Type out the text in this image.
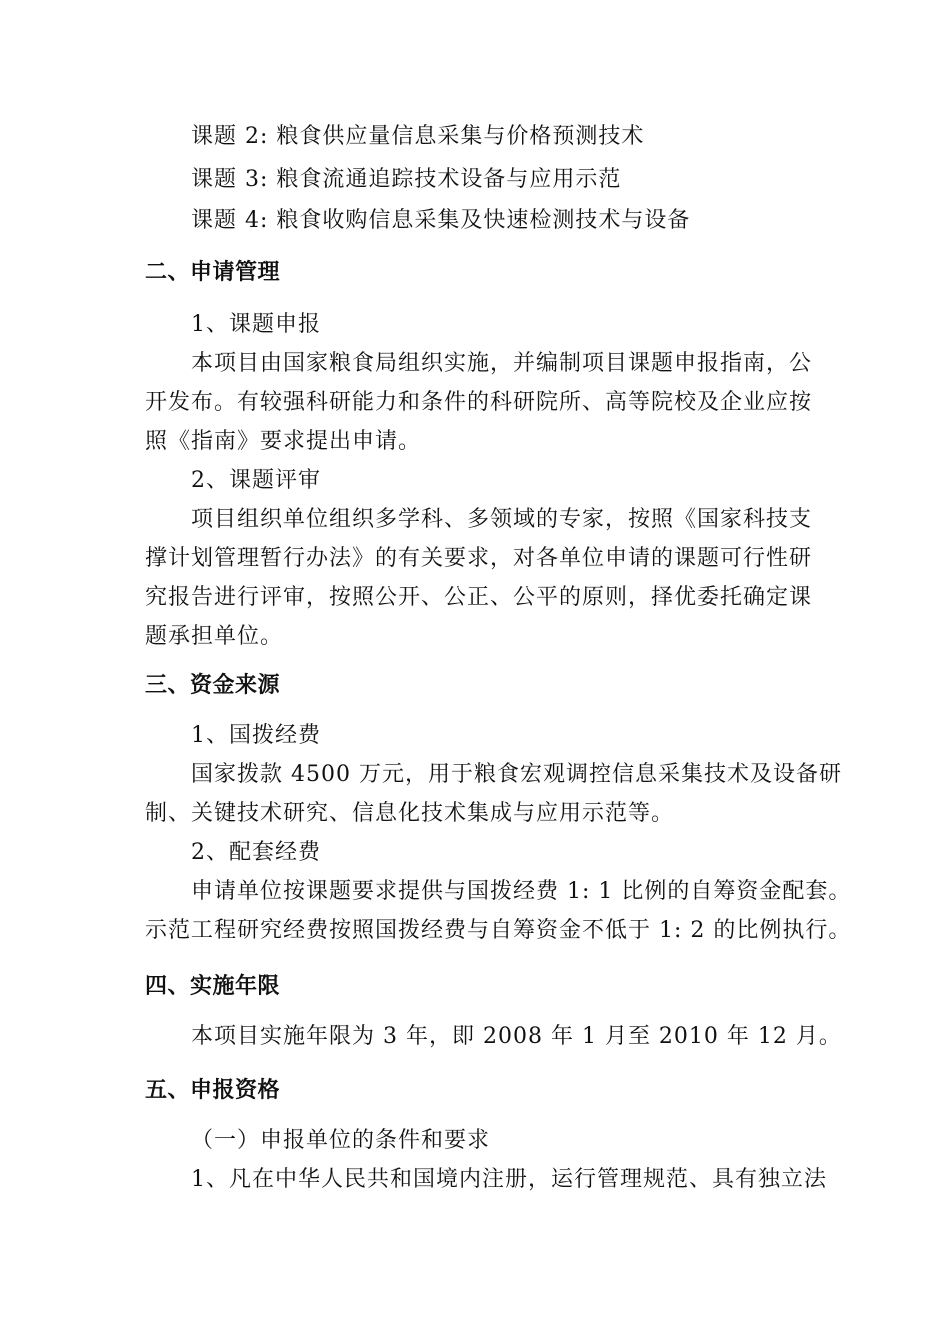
课题 2: 粮食供应量信息采集与价格预测技术
课题 3: 粮食流通追踪技术设备与应用示范
课题 4: 粮食收购信息采集及快速检测技术与设备
二、申请管理
1、课题申报
本项目由国家粮食局组织实施，并编制项目课题申报指南，公
开发布。有较强科研能力和条件的科研院所、高等院校及企业应按
照《指南》要求提出申请。
2、课题评审
项目组织单位组织多学科、多领域的专家，按照《国家科技支
撑计划管理暂行办法》的有关要求，对各单位申请的课题可行性研
究报告进行评审，按照公开、公正、公平的原则，择优委托确定课
题承担单位。
三、资金来源
1、国拨经费
国家拨款 4500 万元，用于粮食宏观调控信息采集技术及设备研
制、关键技术研究、信息化技术集成与应用示范等。
2、配套经费
申请单位按课题要求提供与国拨经费 1: 1 比例的自筹资金配套。
示范工程研究经费按照国拨经费与自筹资金不低于 1: 2 的比例执行。
四、实施年限
本项目实施年限为 3 年，即 2008 年 1 月至 2010 年 12 月。
五、申报资格
（一）申报单位的条件和要求
1、凡在中华人民共和国境内注册，运行管理规范、具有独立法
